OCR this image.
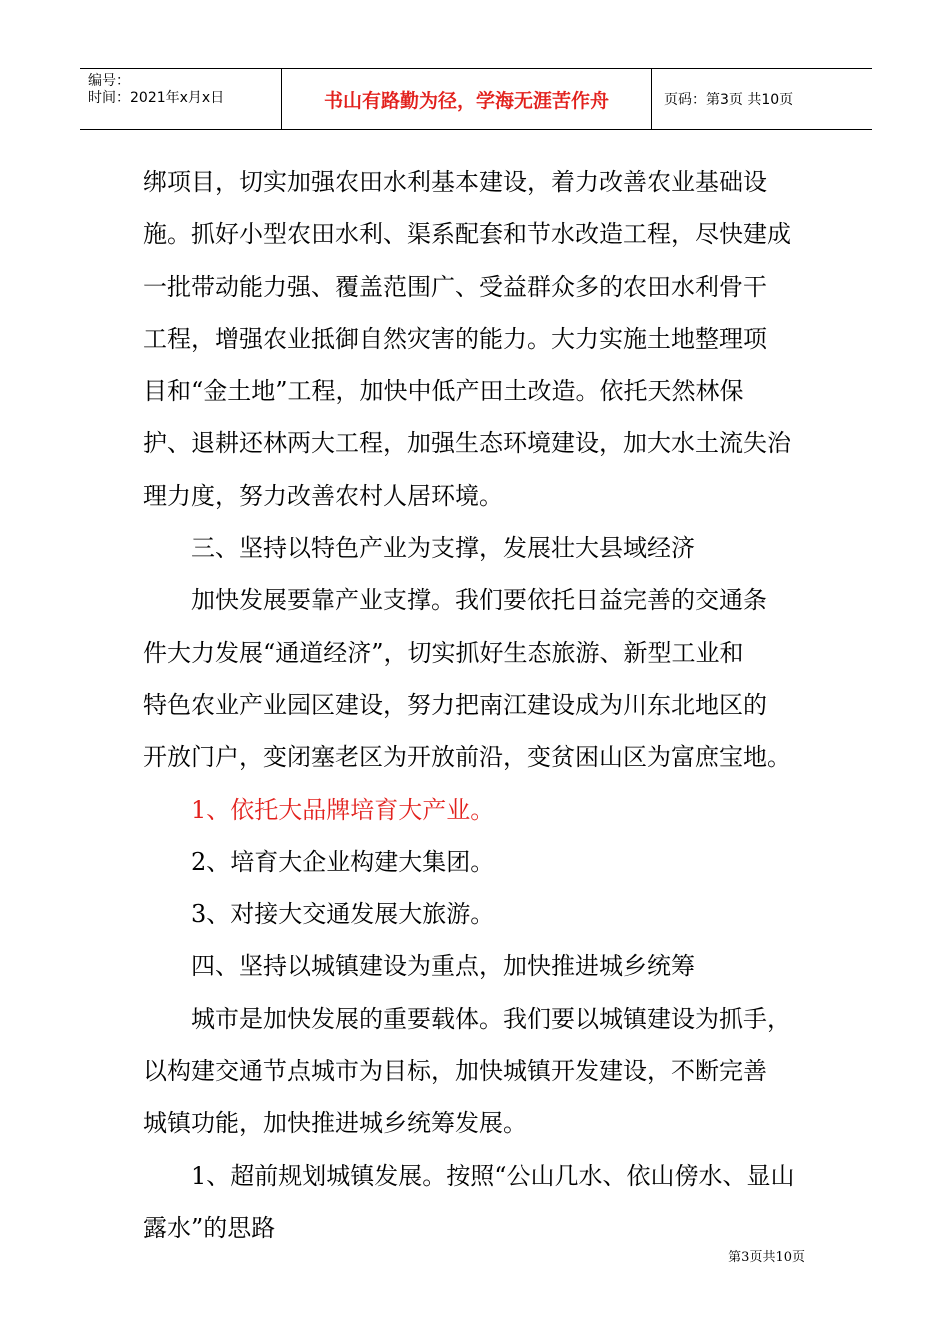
编号：
时间：2021年x月x日	书山有路勤为径，学海无涯苦作舟	页码：第3页 共10页

绑项目，切实加强农田水利基本建设，着力改善农业基础设

施。抓好小型农田水利、渠系配套和节水改造工程，尽快建成

一批带动能力强、覆盖范围广、受益群众多的农田水利骨干

工程，增强农业抵御自然灾害的能力。大力实施土地整理项

目和“金土地”工程，加快中低产田土改造。依托天然林保

护、退耕还林两大工程，加强生态环境建设，加大水土流失治

理力度，努力改善农村人居环境。

三、坚持以特色产业为支撑，发展壮大县域经济

加快发展要靠产业支撑。我们要依托日益完善的交通条

件大力发展“通道经济”，切实抓好生态旅游、新型工业和

特色农业产业园区建设，努力把南江建设成为川东北地区的

开放门户，变闭塞老区为开放前沿，变贫困山区为富庶宝地。

1、依托大品牌培育大产业。

2、培育大企业构建大集团。

3、对接大交通发展大旅游。

四、坚持以城镇建设为重点，加快推进城乡统筹

城市是加快发展的重要载体。我们要以城镇建设为抓手，

以构建交通节点城市为目标，加快城镇开发建设，不断完善

城镇功能，加快推进城乡统筹发展。

1、超前规划城镇发展。按照“公山几水、依山傍水、显山

露水”的思路

第3页共10页
